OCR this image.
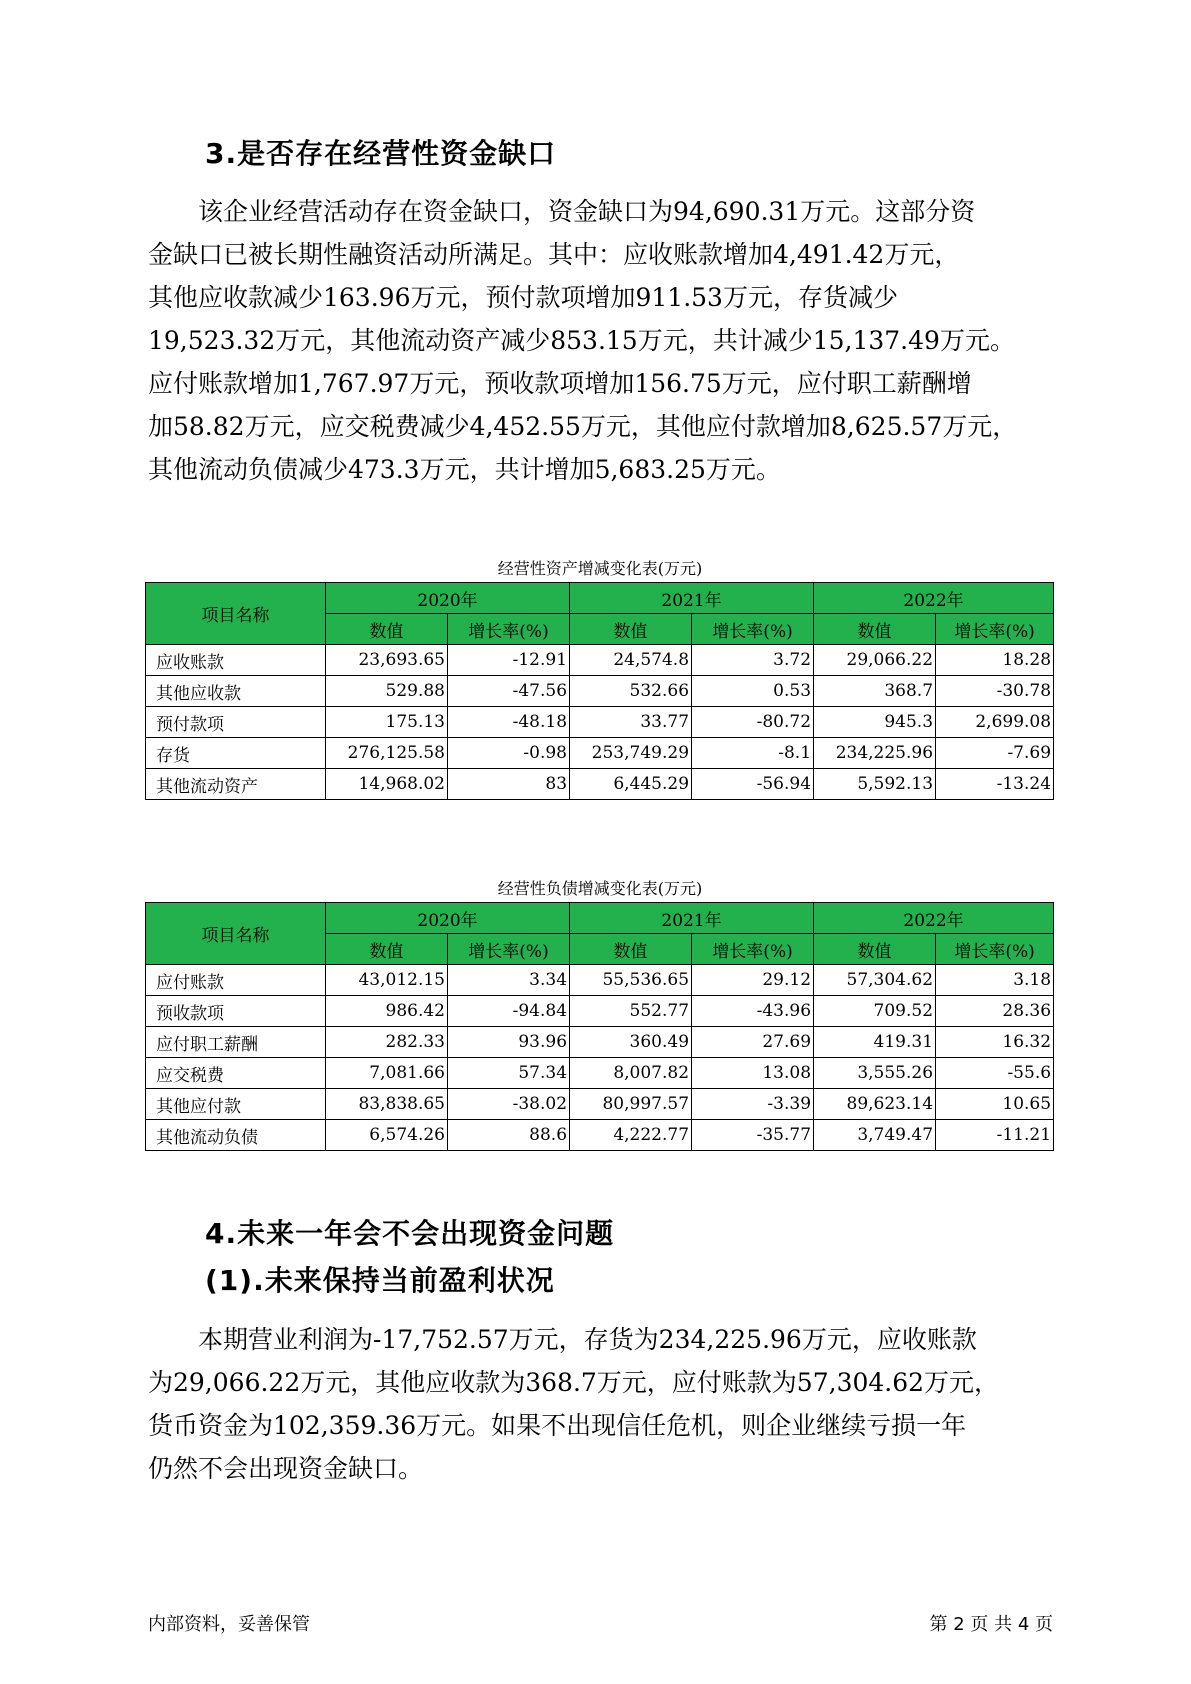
3.是否存在经营性资金缺口

　　该企业经营活动存在资金缺口，资金缺口为94,690.31万元。这部分资

金缺口已被长期性融资活动所满足。其中：应收账款增加4,491.42万元，

其他应收款减少163.96万元，预付款项增加911.53万元，存货减少

19,523.32万元，其他流动资产减少853.15万元，共计减少15,137.49万元。

应付账款增加1,767.97万元，预收款项增加156.75万元，应付职工薪酬增

加58.82万元，应交税费减少4,452.55万元，其他应付款增加8,625.57万元，

其他流动负债减少473.3万元，共计增加5,683.25万元。

经营性资产增减变化表(万元)
项目名称	2020年		2021年		2022年	
	数值	增长率(%)	数值	增长率(%)	数值	增长率(%)
应收账款	23,693.65	-12.91	24,574.8	3.72	29,066.22	18.28
其他应收款	529.88	-47.56	532.66	0.53	368.7	-30.78
预付款项	175.13	-48.18	33.77	-80.72	945.3	2,699.08
存货	276,125.58	-0.98	253,749.29	-8.1	234,225.96	-7.69
其他流动资产	14,968.02	83	6,445.29	-56.94	5,592.13	-13.24
经营性负债增减变化表(万元)
项目名称	2020年		2021年		2022年	
	数值	增长率(%)	数值	增长率(%)	数值	增长率(%)
应付账款	43,012.15	3.34	55,536.65	29.12	57,304.62	3.18
预收款项	986.42	-94.84	552.77	-43.96	709.52	28.36
应付职工薪酬	282.33	93.96	360.49	27.69	419.31	16.32
应交税费	7,081.66	57.34	8,007.82	13.08	3,555.26	-55.6
其他应付款	83,838.65	-38.02	80,997.57	-3.39	89,623.14	10.65
其他流动负债	6,574.26	88.6	4,222.77	-35.77	3,749.47	-11.21
4.未来一年会不会出现资金问题
(1).未来保持当前盈利状况

　　本期营业利润为-17,752.57万元，存货为234,225.96万元，应收账款

为29,066.22万元，其他应收款为368.7万元，应付账款为57,304.62万元，

货币资金为102,359.36万元。如果不出现信任危机，则企业继续亏损一年

仍然不会出现资金缺口。

内部资料，妥善保管	第 2 页 共 4 页
